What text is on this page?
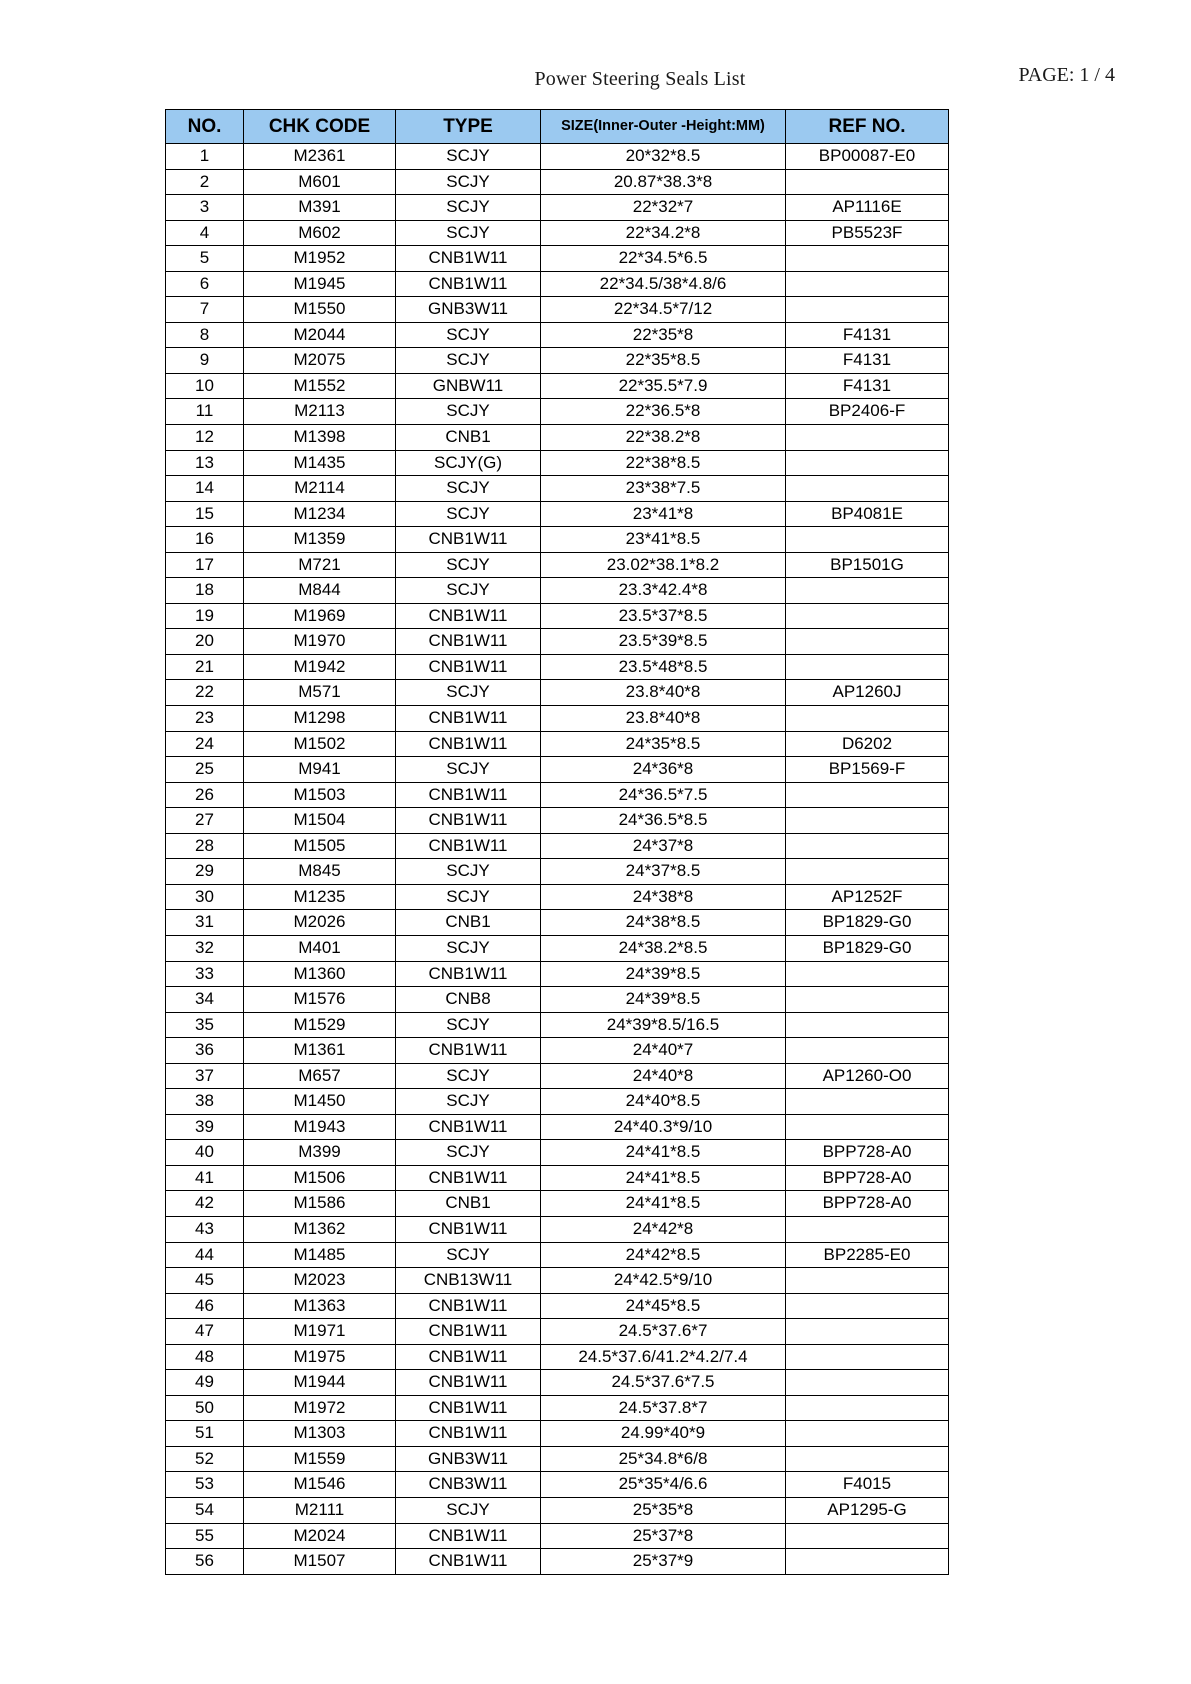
Power Steering Seals List	PAGE: 1 / 4
NO.	CHK CODE	TYPE	SIZE(Inner-Outer -Height:MM)	REF NO.
1	M2361	SCJY	20*32*8.5	BP00087-E0
2	M601	SCJY	20.87*38.3*8	
3	M391	SCJY	22*32*7	AP1116E
4	M602	SCJY	22*34.2*8	PB5523F
5	M1952	CNB1W11	22*34.5*6.5	
6	M1945	CNB1W11	22*34.5/38*4.8/6	
7	M1550	GNB3W11	22*34.5*7/12	
8	M2044	SCJY	22*35*8	F4131
9	M2075	SCJY	22*35*8.5	F4131
10	M1552	GNBW11	22*35.5*7.9	F4131
11	M2113	SCJY	22*36.5*8	BP2406-F
12	M1398	CNB1	22*38.2*8	
13	M1435	SCJY(G)	22*38*8.5	
14	M2114	SCJY	23*38*7.5	
15	M1234	SCJY	23*41*8	BP4081E
16	M1359	CNB1W11	23*41*8.5	
17	M721	SCJY	23.02*38.1*8.2	BP1501G
18	M844	SCJY	23.3*42.4*8	
19	M1969	CNB1W11	23.5*37*8.5	
20	M1970	CNB1W11	23.5*39*8.5	
21	M1942	CNB1W11	23.5*48*8.5	
22	M571	SCJY	23.8*40*8	AP1260J
23	M1298	CNB1W11	23.8*40*8	
24	M1502	CNB1W11	24*35*8.5	D6202
25	M941	SCJY	24*36*8	BP1569-F
26	M1503	CNB1W11	24*36.5*7.5	
27	M1504	CNB1W11	24*36.5*8.5	
28	M1505	CNB1W11	24*37*8	
29	M845	SCJY	24*37*8.5	
30	M1235	SCJY	24*38*8	AP1252F
31	M2026	CNB1	24*38*8.5	BP1829-G0
32	M401	SCJY	24*38.2*8.5	BP1829-G0
33	M1360	CNB1W11	24*39*8.5	
34	M1576	CNB8	24*39*8.5	
35	M1529	SCJY	24*39*8.5/16.5	
36	M1361	CNB1W11	24*40*7	
37	M657	SCJY	24*40*8	AP1260-O0
38	M1450	SCJY	24*40*8.5	
39	M1943	CNB1W11	24*40.3*9/10	
40	M399	SCJY	24*41*8.5	BPP728-A0
41	M1506	CNB1W11	24*41*8.5	BPP728-A0
42	M1586	CNB1	24*41*8.5	BPP728-A0
43	M1362	CNB1W11	24*42*8	
44	M1485	SCJY	24*42*8.5	BP2285-E0
45	M2023	CNB13W11	24*42.5*9/10	
46	M1363	CNB1W11	24*45*8.5	
47	M1971	CNB1W11	24.5*37.6*7	
48	M1975	CNB1W11	24.5*37.6/41.2*4.2/7.4	
49	M1944	CNB1W11	24.5*37.6*7.5	
50	M1972	CNB1W11	24.5*37.8*7	
51	M1303	CNB1W11	24.99*40*9	
52	M1559	GNB3W11	25*34.8*6/8	
53	M1546	CNB3W11	25*35*4/6.6	F4015
54	M2111	SCJY	25*35*8	AP1295-G
55	M2024	CNB1W11	25*37*8	
56	M1507	CNB1W11	25*37*9	
